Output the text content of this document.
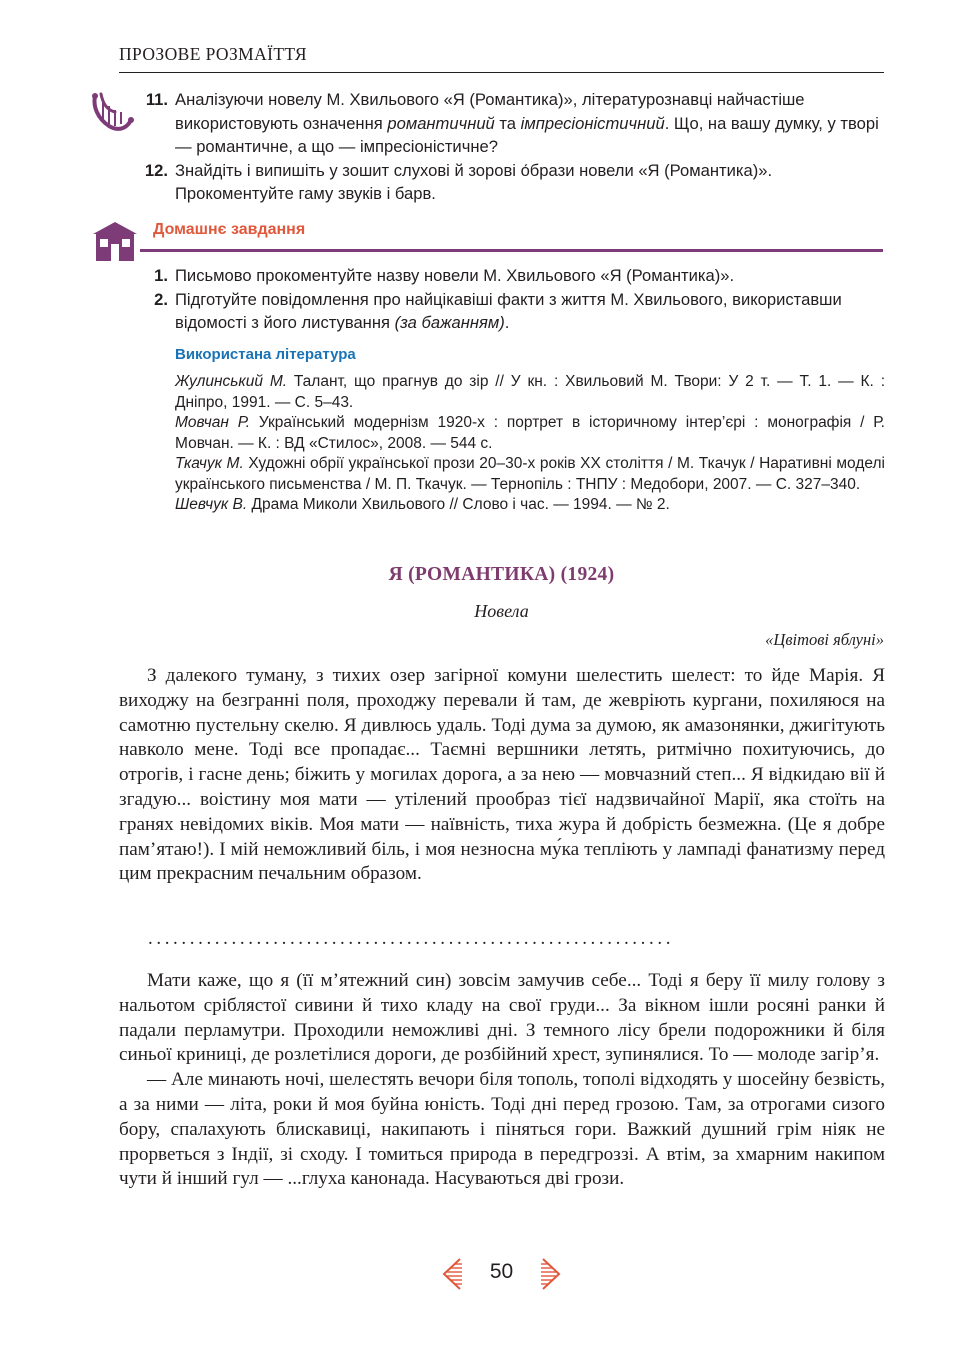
ПРОЗОВЕ РОЗМАЇТТЯ
11. Аналізуючи новелу М. Хвильового «Я (Романтика)», літературознавці найчастіше використовують означення романтичний та імпресіоністичний. Що, на вашу думку, у творі — романтичне, а що — імпресіоністичне?
12. Знайдіть і випишіть у зошит слухові й зорові о́брази новели «Я (Романтика)». Прокоментуйте гаму звуків і барв.
Домашнє завдання
1. Письмово прокоментуйте назву новели М. Хвильового «Я (Романтика)».
2. Підготуйте повідомлення про найцікавіші факти з життя М. Хвильового, використавши відомості з його листування (за бажанням).
Використана література

Жулинський М. Талант, що прагнув до зір // У кн. : Хвильовий М. Твори: У 2 т. — Т. 1. — К. : Дніпро, 1991. — С. 5–43.

Мовчан Р. Український модернізм 1920-х : портрет в історичному інтер’єрі : монографія / Р. Мовчан. — К. : ВД «Стилос», 2008. — 544 с.

Ткачук М. Художні обрії української прози 20–30-х років ХХ століття / М. Ткачук / Наративні моделі українського письменства / М. П. Ткачук. — Тернопіль : ТНПУ : Медобори, 2007. — С. 327–340.

Шевчук В. Драма Миколи Хвильового // Слово і час. — 1994. — № 2.

Я (РОМАНТИКА) (1924)
Новела
«Цвітові яблуні»

З далекого туману, з тихих озер загірної комуни шелестить шелест: то йде Марія. Я виходжу на безгранні поля, проходжу перевали й там, де жевріють кургани, похиляюся на самотню пустельну скелю. Я дивлюсь удаль. Тоді дума за думою, як амазонянки, джигітують навколо мене. Тоді все пропадає... Таємні вершники летять, ритмічно похитуючись, до отрогів, і гасне день; біжить у могилах дорога, а за нею — мовчазний степ... Я відкидаю вії й згадую... воістину моя мати — утілений прообраз тієї надзвичайної Марії, яка стоїть на гранях невідомих віків. Моя мати — наївність, тиха жура й добрість безмежна. (Це я добре пам’ятаю!). І мій неможливий біль, і моя незносна му́ка тепліють у лампаді фанатизму перед цим прекрасним печальним образом.

...............................................................

Мати каже, що я (її м’ятежний син) зовсім замучив себе... Тоді я беру її милу голову з нальотом сріблястої сивини й тихо кладу на свої груди... За вікном ішли росяні ранки й падали перламутри. Проходили неможливі дні. З темного лісу брели подорожники й біля синьої криниці, де розлетілися дороги, де розбійний хрест, зупинялися. То — молоде загір’я.

— Але минають ночі, шелестять вечори біля тополь, тополі відходять у шосейну безвість, а за ними — літа, роки й моя буйна юність. Тоді дні перед грозою. Там, за отрогами сизого бору, спалахують блискавиці, накипають і піняться гори. Важкий душний грім ніяк не прорветься з Індії, зі сходу. І томиться природа в передгроззі. А втім, за хмарним накипом чути й інший гул — ...глуха канонада. Насуваються дві грози.

50
